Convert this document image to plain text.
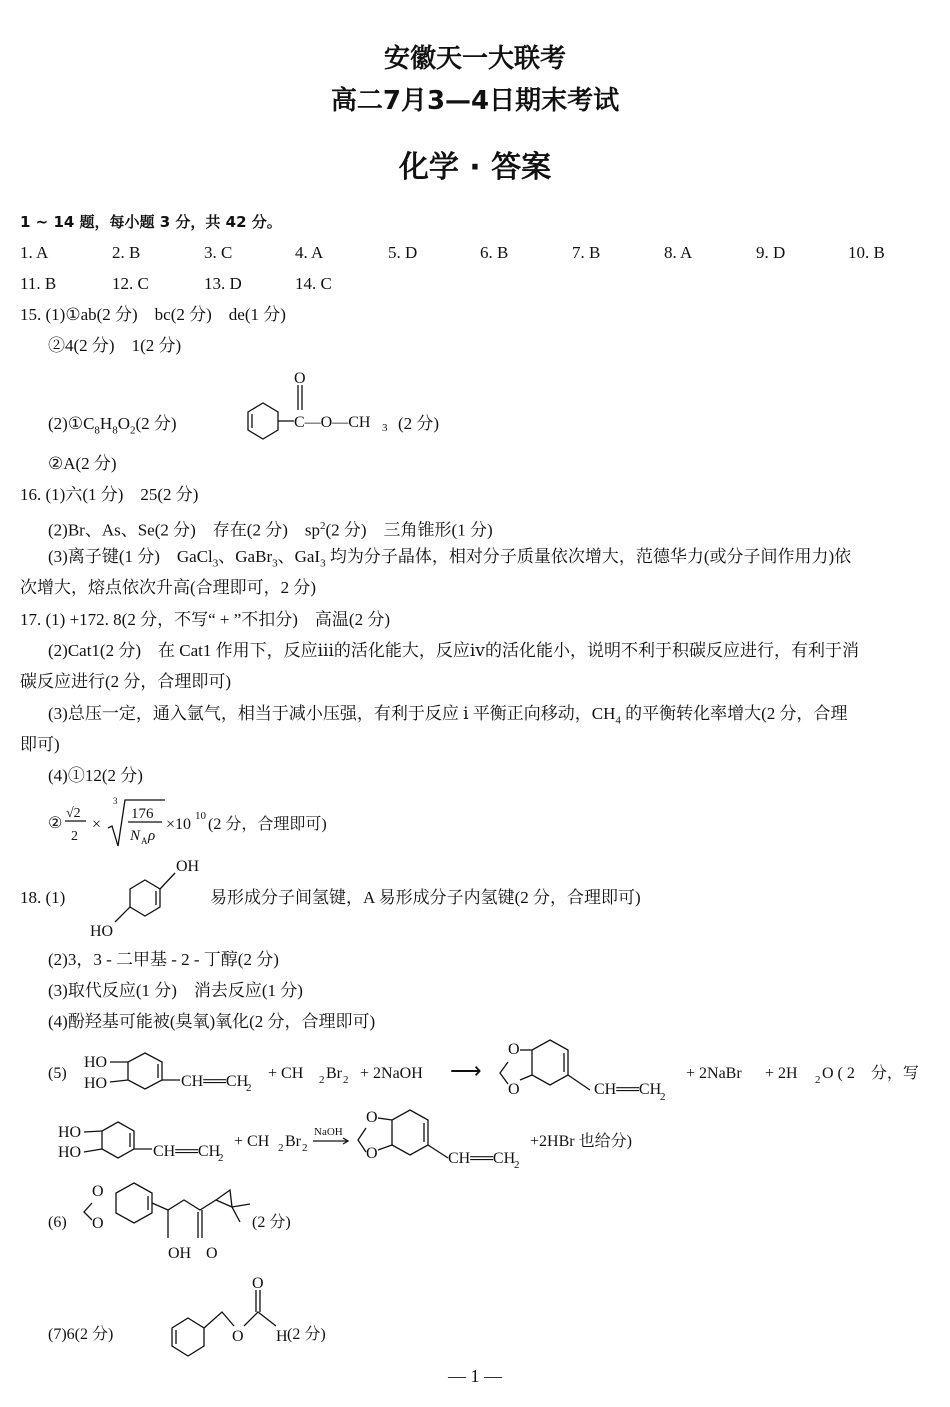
安徽天一大联考
高二7月3—4日期末考试
化学 · 答案
1 ~ 14 题，每小题 3 分，共 42 分。
1. A	2. B	3. C	4. A	5. D	6. B	7. B	8. A	9. D	10. B
11. B	12. C	13. D	14. C
15. (1)①ab(2 分)　bc(2 分)　de(1 分)
②4(2 分)　1(2 分)
$(2)①C_8H_8O_2(2$ 分)
O
C—O—CH 3 (2 分)
②A(2 分)
16. (1)六(1 分)　25(2 分)
(2)Br、As、Se(2 分)　存在(2 分)　$sp^2(2$ 分)　三角锥形(1 分)
(3)离子键(1 分)　GaCl$_3$、GaBr$_3$、GaI$_3$ 均为分子晶体，相对分子质量依次增大，范德华力(或分子间作用力)依
次增大，熔点依次升高(合理即可，2 分)
17. (1) +172. 8(2 分，不写“ + ”不扣分)　高温(2 分)
(2)Cat1(2 分)　在 Cat1 作用下，反应ⅲ的活化能大，反应ⅳ的活化能小，说明不利于积碳反应进行，有利于消
碳反应进行(2 分，合理即可)
(3)总压一定，通入氩气，相当于减小压强，有利于反应 ⅰ 平衡正向移动，$CH_4$ 的平衡转化率增大(2 分，合理
即可)
(4)①12(2 分)
②
√2
2
×
3
176
N A ρ
×10 10 (2 分，合理即可)
18. (1)
OH
HO
易形成分子间氢键，A 易形成分子内氢键(2 分，合理即可)
(2)3，3 - 二甲基 - 2 - 丁醇(2 分)
(3)取代反应(1 分)　消去反应(1 分)
(4)酚羟基可能被(臭氧)氧化(2 分，合理即可)
(5)
HO
HO	CH══CH
2
+ CH 2 Br 2 + 2NaOH ⟶
O
O	CH══CH
2
+ 2NaBr + 2H 2 O ( 2　分，写
HO
HO	CH══CH
2
+ CH 2 Br 2
NaOH
O
O	CH══CH
2
+2HBr 也给分)
(6)
O
O
OH O
(2 分)
(7)6(2 分)	O
O
H (2 分)
— 1 —
